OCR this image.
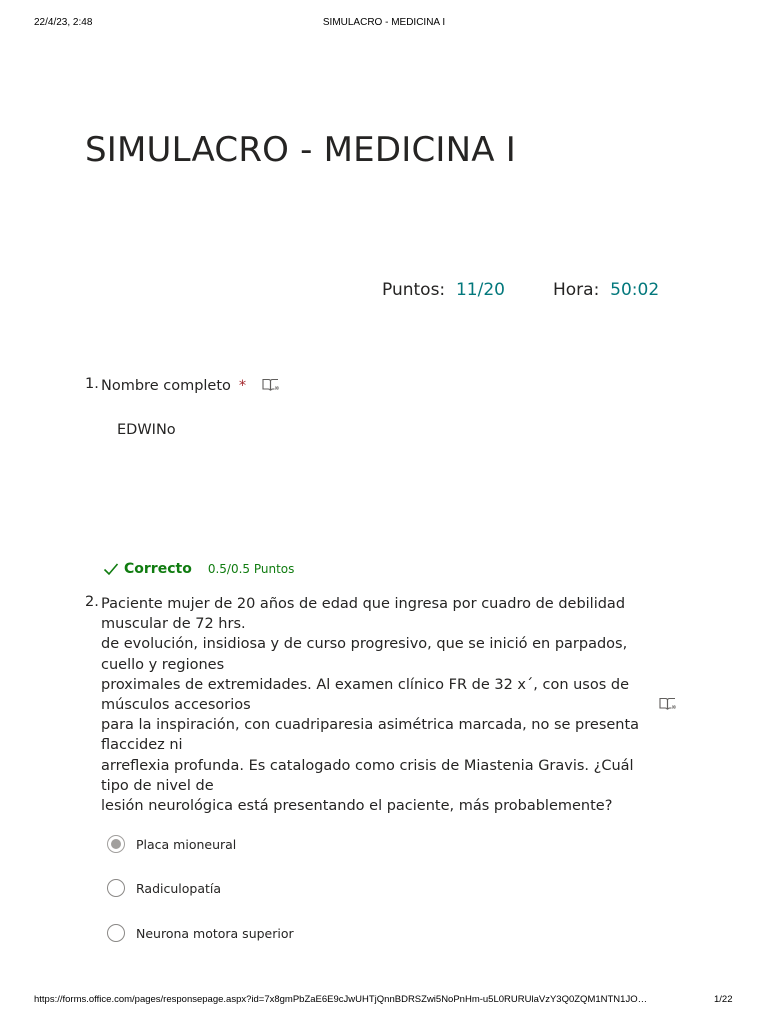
22/4/23, 2:48	SIMULACRO - MEDICINA I
SIMULACRO - MEDICINA I
Puntos: 11/20	Hora: 50:02
1. Nombre completo *
EDWINo
Correcto 0.5/0.5 Puntos
2. Paciente mujer de 20 años de edad que ingresa por cuadro de debilidad
muscular de 72 hrs.
de evolución, insidiosa y de curso progresivo, que se inició en parpados,
cuello y regiones
proximales de extremidades. Al examen clínico FR de 32 x´, con usos de
músculos accesorios
para la inspiración, con cuadriparesia asimétrica marcada, no se presenta
flaccidez ni
arreflexia profunda. Es catalogado como crisis de Miastenia Gravis. ¿Cuál
tipo de nivel de
lesión neurológica está presentando el paciente, más probablemente?
Placa mioneural
Radiculopatía
Neurona motora superior
https://forms.office.com/pages/responsepage.aspx?id=7x8gmPbZaE6E9cJwUHTjQnnBDRSZwi5NoPnHm-u5L0RURUlaVzY3Q0ZQM1NTN1JO…	1/22
